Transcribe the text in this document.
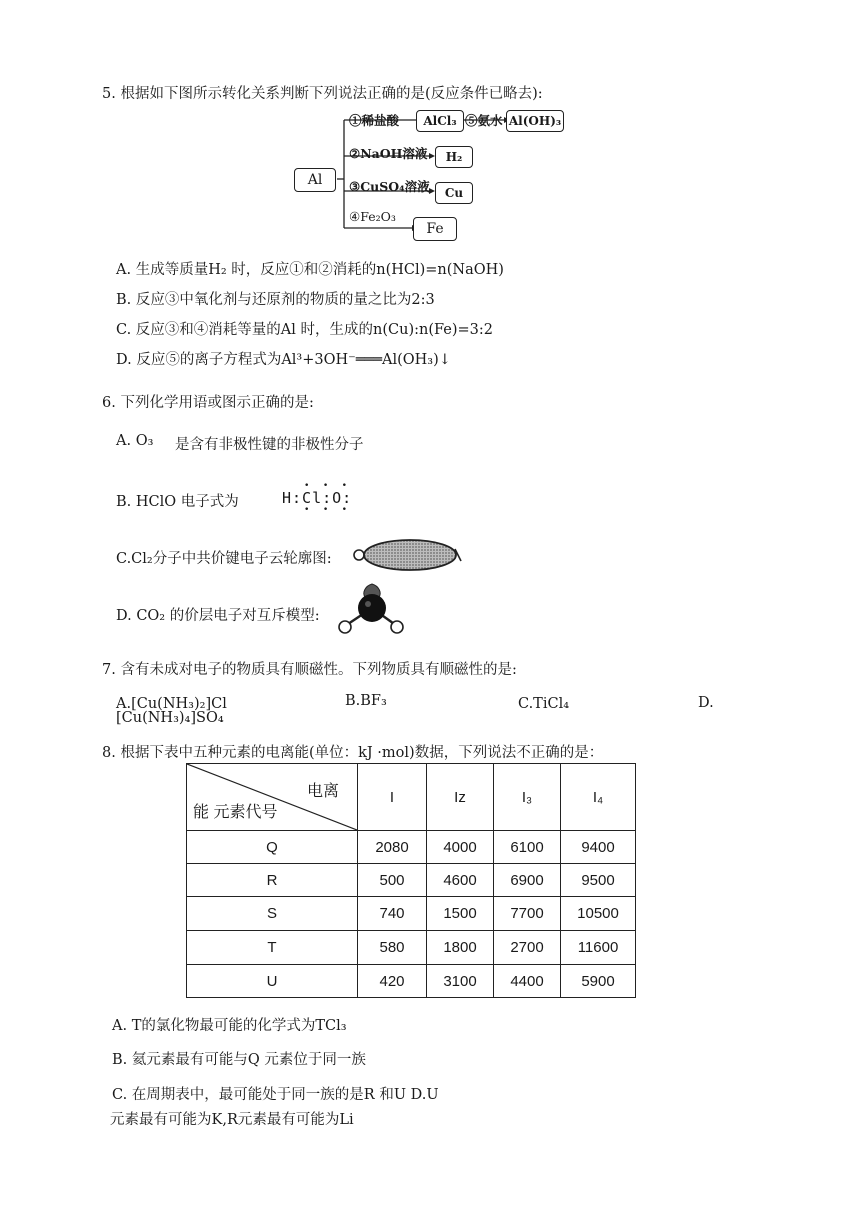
5. 根据如下图所示转化关系判断下列说法正确的是(反应条件已略去):
Al
①稀盐酸
②NaOH溶液
③CuSO₄溶液
④Fe₂O₃
⑤氨水
AlCl₃	Al(OH)₃
H₂
Cu
Fe
A. 生成等质量H₂ 时，反应①和②消耗的n(HCl)=n(NaOH)
B. 反应③中氧化剂与还原剂的物质的量之比为2:3
C. 反应③和④消耗等量的Al 时，生成的n(Cu):n(Fe)=3:2
D. 反应⑤的离子方程式为Al³+3OH⁻═══Al(OH₃)↓
6. 下列化学用语或图示正确的是:
A. O₃ 是含有非极性键的非极性分子
B. HClO 电子式为
• • •
H:Cl:O:
• • •
C.Cl₂分子中共价键电子云轮廓图:
D. CO₂ 的价层电子对互斥模型:
7. 含有未成对电子的物质具有顺磁性。下列物质具有顺磁性的是:
A.[Cu(NH₃)₂]Cl	B.BF₃	C.TiCl₄	D.
[Cu(NH₃)₄]SO₄
8. 根据下表中五种元素的电离能(单位：kJ ·mol)数据，下列说法不正确的是：
电离
能 元素代号	I	Iz	I₃	I₄
Q	2080	4000	6100	9400
R	500	4600	6900	9500
S	740	1500	7700	10500
T	580	1800	2700	11600
U	420	3100	4400	5900
A. T的氯化物最可能的化学式为TCl₃
B. 氦元素最有可能与Q 元素位于同一族
C. 在周期表中，最可能处于同一族的是R 和U D.U
元素最有可能为K,R元素最有可能为Li
